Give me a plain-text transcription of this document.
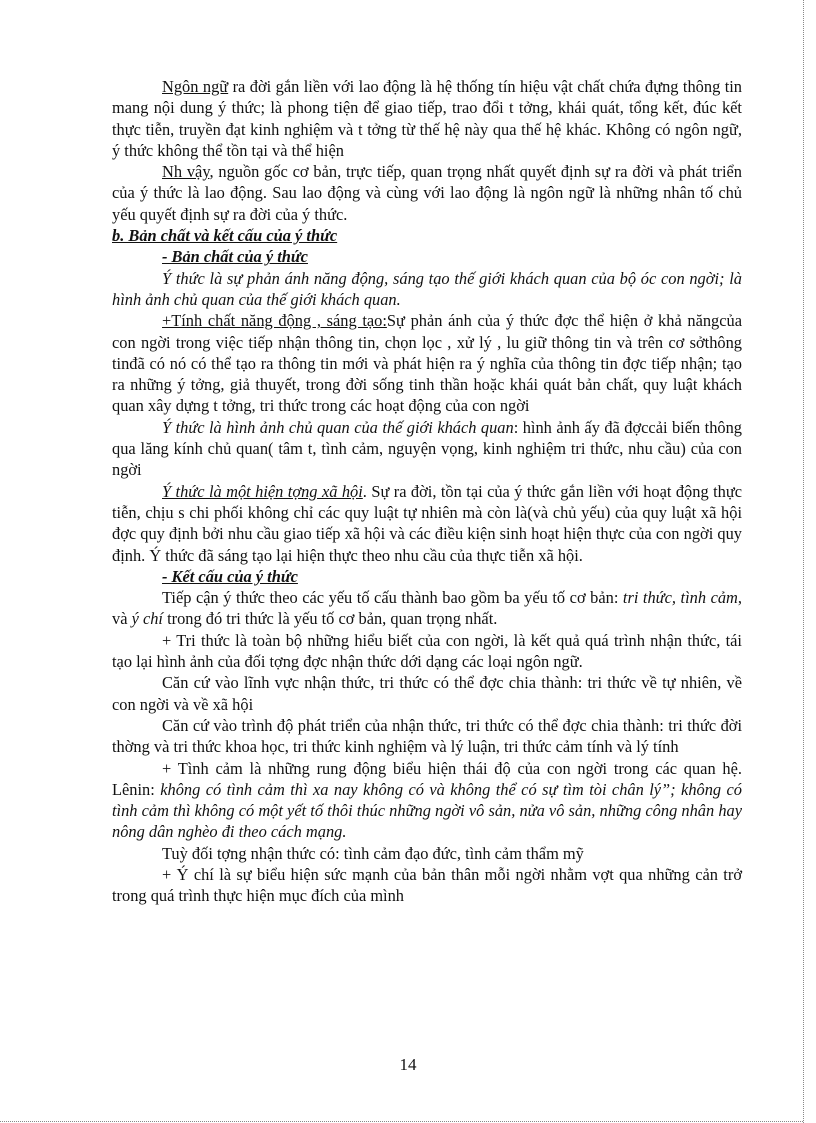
Ngôn ngữ ra đời gắn liền với lao động là hệ thống tín hiệu vật chất chứa đựng thông tin mang nội dung ý thức; là phong tiện để giao tiếp, trao đổi t tởng, khái quát, tổng kết, đúc kết thực tiễn, truyền đạt kinh nghiệm và t tởng từ thế hệ này qua thế hệ khác. Không có ngôn ngữ, ý thức không thể tồn tại và thể hiện

Nh vậy, nguồn gốc cơ bản, trực tiếp, quan trọng nhất quyết định sự ra đời và phát triển của ý thức là lao động. Sau lao động và cùng với lao động là ngôn ngữ là những nhân tố chủ yếu quyết định sự ra đời của ý thức.

b. Bản chất và kết cấu của ý thức

- Bản chất của ý thức

Ý thức là sự phản ánh năng động, sáng tạo thế giới khách quan của bộ óc con ngời; là hình ảnh chủ quan của thế giới khách quan.

+Tính chất năng động , sáng tạo:Sự phản ánh của ý thức đợc thể hiện ở khả năngcủa con ngời trong việc tiếp nhận thông tin, chọn lọc , xử lý , lu giữ thông tin và trên cơ sởthông tinđã có nó có thể tạo ra thông tin mới và phát hiện ra ý nghĩa của thông tin đợc tiếp nhận; tạo ra những ý tởng, giả thuyết, trong đời sống tinh thần hoặc khái quát bản chất, quy luật khách quan xây dựng t tởng, tri thức trong các hoạt động của con ngời

Ý thức là hình ảnh chủ quan của thế giới khách quan: hình ảnh ấy đã đợccải biến thông qua lăng kính chủ quan( tâm t, tình cảm, nguyện vọng, kinh nghiệm tri thức, nhu cầu) của con ngời

Ý thức là một hiện tợng xã hội. Sự ra đời, tồn tại của ý thức gắn liền với hoạt động thực tiễn, chịu s chi phối không chỉ các quy luật tự nhiên mà còn là(và chủ yếu) của quy luật xã hội đợc quy định bởi nhu cầu giao tiếp xã hội và các điều kiện sinh hoạt hiện thực của con ngời quy định. Ý thức đã sáng tạo lại hiện thực theo nhu cầu của thực tiễn xã hội.

- Kết cấu của ý thức

Tiếp cận ý thức theo các yếu tố cấu thành bao gồm ba yếu tố cơ bản: tri thức, tình cảm, và ý chí trong đó tri thức là yếu tố cơ bản, quan trọng nhất.

+ Tri thức là toàn bộ những hiểu biết của con ngời, là kết quả quá trình nhận thức, tái tạo lại hình ảnh của đối tợng đợc nhận thức dới dạng các loại ngôn ngữ.

Căn cứ vào lĩnh vực nhận thức, tri thức có thể đợc chia thành: tri thức về tự nhiên, về con ngời và về xã hội

Căn cứ vào trình độ phát triển của nhận thức, tri thức có thể đợc chia thành: tri thức đời thờng và tri thức khoa học, tri thức kinh nghiệm và lý luận, tri thức cảm tính và lý tính

+ Tình cảm là những rung động biểu hiện thái độ của con ngời trong các quan hệ. Lênin: không có tình cảm thì xa nay không có và không thể có sự tìm tòi chân lý”; không có tình cảm thì không có một yết tố thôi thúc những ngời vô sản, nửa vô sản, những công nhân hay nông dân nghèo đi theo cách mạng.

Tuỳ đối tợng nhận thức có: tình cảm đạo đức, tình cảm thẩm mỹ

+ Ý chí là sự biểu hiện sức mạnh của bản thân mỗi ngời nhằm vợt qua những cản trở trong quá trình thực hiện mục đích của mình

14
